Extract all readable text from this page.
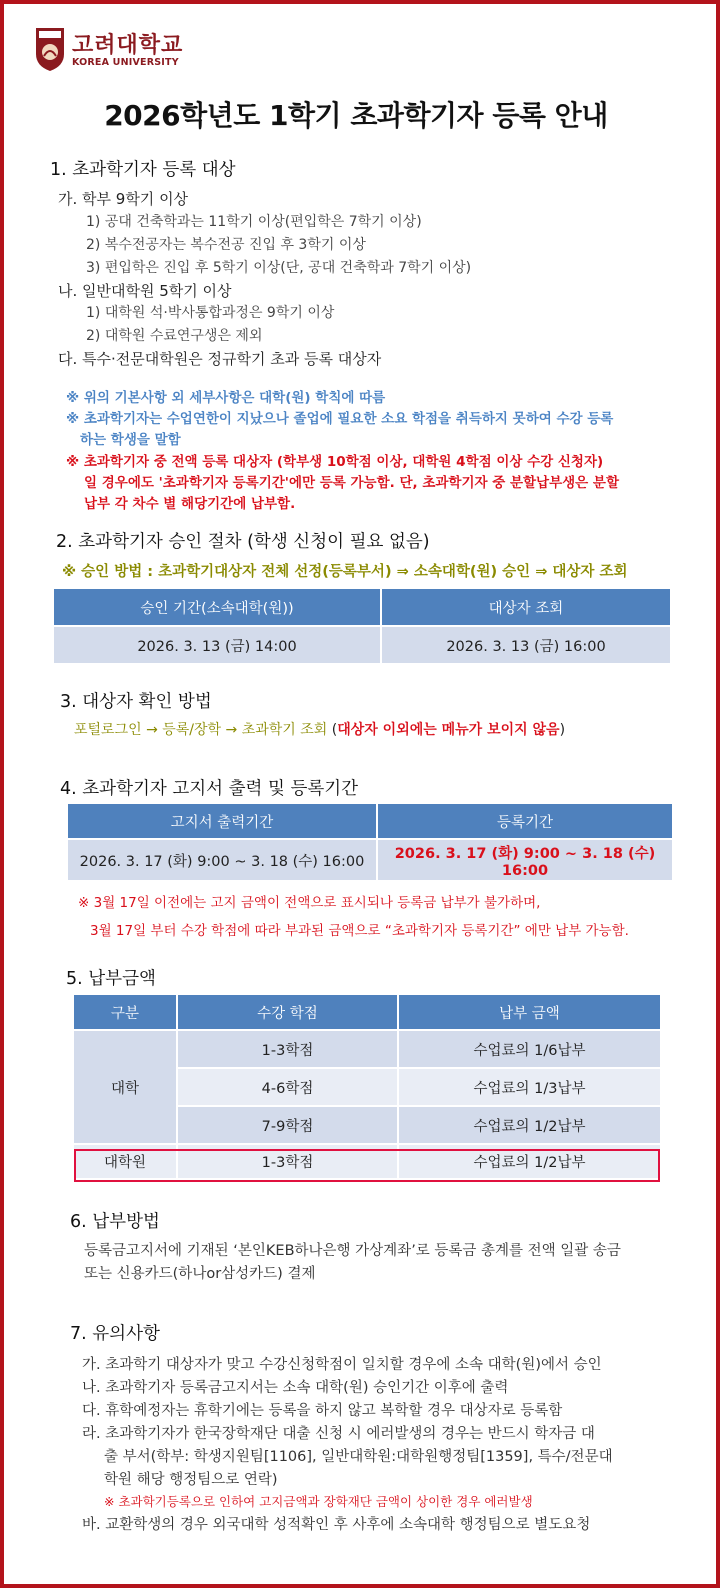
고려대학교
KOREA UNIVERSITY
2026학년도 1학기 초과학기자 등록 안내
1. 초과학기자 등록 대상
가. 학부 9학기 이상
1) 공대 건축학과는 11학기 이상(편입학은 7학기 이상)
2) 복수전공자는 복수전공 진입 후 3학기 이상
3) 편입학은 진입 후 5학기 이상(단, 공대 건축학과 7학기 이상)
나. 일반대학원 5학기 이상
1) 대학원 석·박사통합과정은 9학기 이상
2) 대학원 수료연구생은 제외
다. 특수·전문대학원은 정규학기 초과 등록 대상자
※ 위의 기본사항 외 세부사항은 대학(원) 학칙에 따름
※ 초과학기자는 수업연한이 지났으나 졸업에 필요한 소요 학점을 취득하지 못하여 수강 등록
하는 학생을 말함
※ 초과학기자 중 전액 등록 대상자 (학부생 10학점 이상, 대학원 4학점 이상 수강 신청자)
일 경우에도 '초과학기자 등록기간'에만 등록 가능함. 단, 초과학기자 중 분할납부생은 분할
납부 각 차수 별 해당기간에 납부함.
2. 초과학기자 승인 절차 (학생 신청이 필요 없음)
※ 승인 방법 : 초과학기대상자 전체 선정(등록부서) ⇒ 소속대학(원) 승인 ⇒ 대상자 조회
승인 기간(소속대학(원))	대상자 조회
2026. 3. 13 (금) 14:00	2026. 3. 13 (금) 16:00
3. 대상자 확인 방법
포털로그인 → 등록/장학 → 초과학기 조회 (대상자 이외에는 메뉴가 보이지 않음)
4. 초과학기자 고지서 출력 및 등록기간
고지서 출력기간	등록기간
2026. 3. 17 (화) 9:00 ~ 3. 18 (수) 16:00	2026. 3. 17 (화) 9:00 ~ 3. 18 (수) 16:00
※ 3월 17일 이전에는 고지 금액이 전액으로 표시되나 등록금 납부가 불가하며,
3월 17일 부터 수강 학점에 따라 부과된 금액으로 “초과학기자 등록기간” 에만 납부 가능함.
5. 납부금액
구분	수강 학점	납부 금액
대학	1-3학점	수업료의 1/6납부
	4-6학점	수업료의 1/3납부
	7-9학점	수업료의 1/2납부
대학원	1-3학점	수업료의 1/2납부
6. 납부방법
등록금고지서에 기재된 ‘본인KEB하나은행 가상계좌’로 등록금 총계를 전액 일괄 송금
또는 신용카드(하나or삼성카드) 결제
7. 유의사항
가. 초과학기 대상자가 맞고 수강신청학점이 일치할 경우에 소속 대학(원)에서 승인
나. 초과학기자 등록금고지서는 소속 대학(원) 승인기간 이후에 출력
다. 휴학예정자는 휴학기에는 등록을 하지 않고 복학할 경우 대상자로 등록함
라. 초과학기자가 한국장학재단 대출 신청 시 에러발생의 경우는 반드시 학자금 대
출 부서(학부: 학생지원팀[1106], 일반대학원:대학원행정팀[1359], 특수/전문대
학원 해당 행정팀으로 연락)
※ 초과학기등록으로 인하여 고지금액과 장학재단 금액이 상이한 경우 에러발생
바. 교환학생의 경우 외국대학 성적확인 후 사후에 소속대학 행정팀으로 별도요청
